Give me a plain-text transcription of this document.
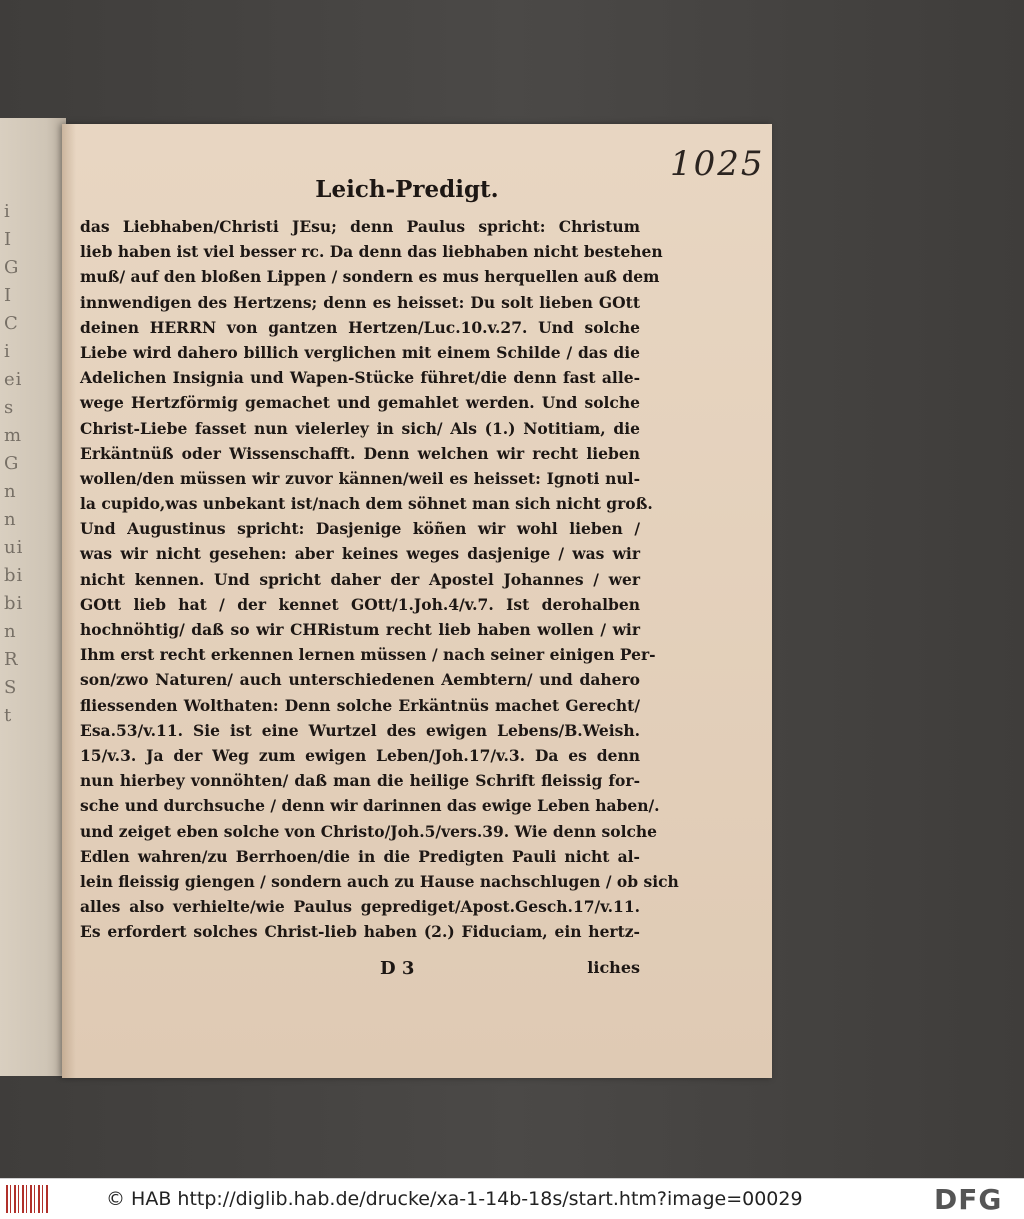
i
I
G
I
C
i
ei
s
m
G
n
n
ui
bi
bi
n
R
S
t
1025
Leich-Predigt.
das Liebhaben/Christi JEsu; denn Paulus spricht: Christum
lieb haben ist viel besser rc. Da denn das liebhaben nicht bestehen
muß/ auf den bloßen Lippen / sondern es mus herquellen auß dem
innwendigen des Hertzens; denn es heisset: Du solt lieben GOtt
deinen HERRN von gantzen Hertzen/Luc.10.v.27. Und solche
Liebe wird dahero billich verglichen mit einem Schilde / das die
Adelichen Insignia und Wapen-Stücke führet/die denn fast alle-
wege Hertzförmig gemachet und gemahlet werden. Und solche
Christ-Liebe fasset nun vielerley in sich/ Als (1.) Notitiam, die
Erkäntnüß oder Wissenschafft. Denn welchen wir recht lieben
wollen/den müssen wir zuvor kännen/weil es heisset: Ignoti nul-
la cupido,was unbekant ist/nach dem söhnet man sich nicht groß.
Und Augustinus spricht: Dasjenige köñen wir wohl lieben /
was wir nicht gesehen: aber keines weges dasjenige / was wir
nicht kennen. Und spricht daher der Apostel Johannes / wer
GOtt lieb hat / der kennet GOtt/1.Joh.4/v.7. Ist derohalben
hochnöhtig/ daß so wir CHRistum recht lieb haben wollen / wir
Ihm erst recht erkennen lernen müssen / nach seiner einigen Per-
son/zwo Naturen/ auch unterschiedenen Aembtern/ und dahero
fliessenden Wolthaten: Denn solche Erkäntnüs machet Gerecht/
Esa.53/v.11. Sie ist eine Wurtzel des ewigen Lebens/B.Weish.
15/v.3. Ja der Weg zum ewigen Leben/Joh.17/v.3. Da es denn
nun hierbey vonnöhten/ daß man die heilige Schrift fleissig for-
sche und durchsuche / denn wir darinnen das ewige Leben haben/.
und zeiget eben solche von Christo/Joh.5/vers.39. Wie denn solche
Edlen wahren/zu Berrhoen/die in die Predigten Pauli nicht al-
lein fleissig giengen / sondern auch zu Hause nachschlugen / ob sich
alles also verhielte/wie Paulus geprediget/Apost.Gesch.17/v.11.
Es erfordert solches Christ-lieb haben (2.) Fiduciam, ein hertz-
D 3	liches
© HAB http://diglib.hab.de/drucke/xa-1-14b-18s/start.htm?image=00029	DFG
